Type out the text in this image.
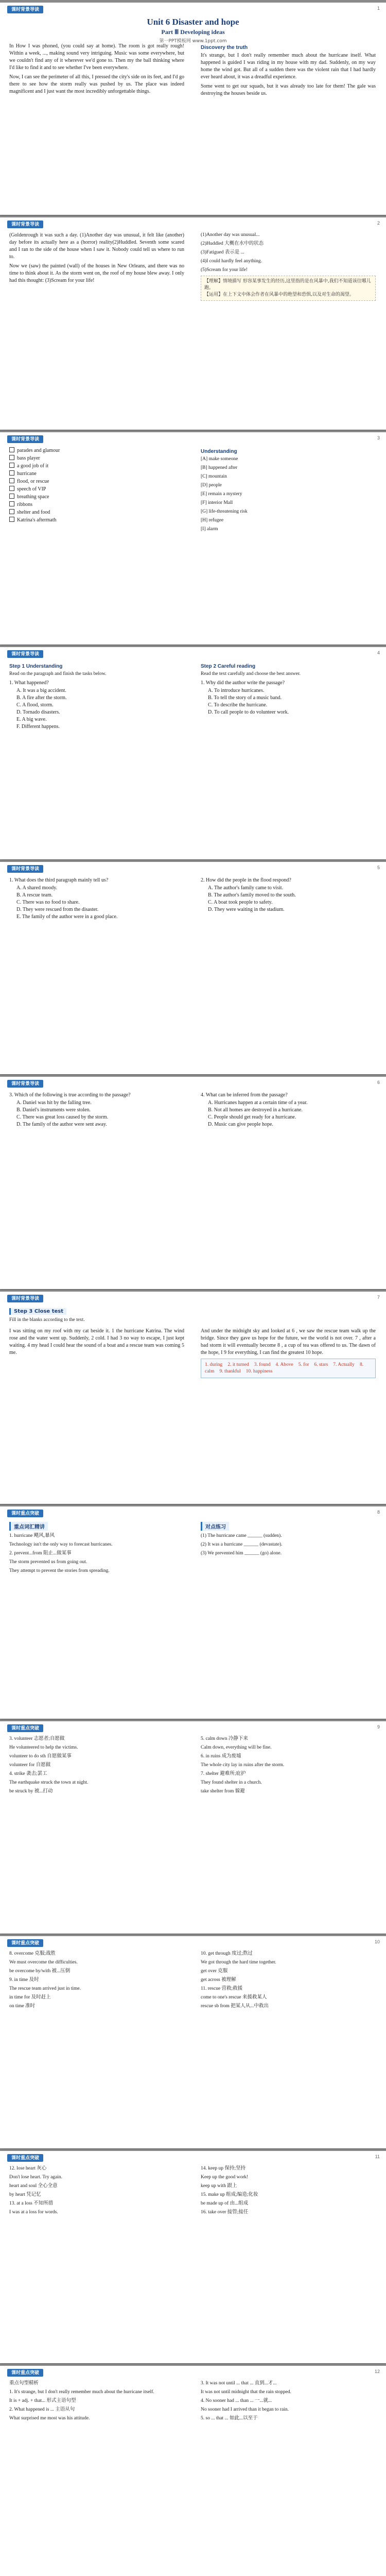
课时背景导读	1
Unit 6 Disaster and hope
Part Ⅲ Developing ideas
第一PPT模板网 www.1ppt.com

In How I was phoned, (you could say at home). The room is got really rough! Within a week, ..., making sound very intriguing. Music was some everywhere, but we couldn't find any of it wherever we'd gone to. Then my the ball thinking where I'd like to find it and to see whether I've been everywhere.

Now, I can see the perimeter of all this, I pressed the city's side on its feet, and I'd go there to see how the storm really was pushed by us. The place was indeed magnificent and I just want the most incredibly unforgettable things.

Discovery the truth

It's strange, but I don't really remember much about the hurricane itself. What happened is guided I was riding in my house with my dad. Suddenly, on my way home the wind got. But all of a sudden there was the violent rain that I had hardly ever heard about, it was a dreadful experience.

Some went to get our squads, but it was already too late for them! The gale was destroying the houses beside us.

课时背景导读	2

(Goldenrough it was such a day. (1)Another day was unusual, it felt like (another) day before its actually here as a (horror) reality(2)Huddled. Seventh some scared and I ran to the side of the house when I saw it. Nobody could tell us where to run to.

Now we (saw) the painted (wall) of the houses in New Orleans, and there was no time to think about it. As the storm went on, the roof of my house blew away. I only had this thought: (3)Scream for your life!

(1)Another day was unusual...
(2)Huddled 大概在水中的状态
(3)Fatigued 表示是 ...
(4)I could hardly feel anything.
(5)Scream for your life!
【理解】情境描写 形容某事发生的经历,这里指的是在风暴中,我们不知道该往哪儿跑。
【运用】在上下文中体会作者在风暴中的绝望和恐惧,以及对生命的渴望。
课时背景导读	3
parades and glamour
bass player
a good job of it
hurricane
flood, or rescue
speech of VIP
breathing space
ribbons
shelter and food
Katrina's aftermath
Understanding
[A] make someone
[B] happened after
[C] mountain
[D] people
[E] remain a mystery
[F] interior Mall
[G] life-threatening risk
[H] refugee
[I] alarm
课时背景导读	4
Step 1 Understanding
Read on the paragraph and finish the tasks below.
1. What happened?
A. It was a big accident.
B. A fire after the storm.
C. A flood, storm.
D. Tornado disasters.
E. A big wave.
F. Different happens.
Step 2 Careful reading
Read the text carefully and choose the best answer.
1. Why did the author write the passage?
A. To introduce hurricanes.
B. To tell the story of a music band.
C. To describe the hurricane.
D. To call people to do volunteer work.
课时背景导读	5
1. What does the third paragraph mainly tell us?
A. A shared moody.
B. A rescue team.
C. There was no food to share.
D. They were rescued from the disaster.
E. The family of the author were in a good place.
2. How did the people in the flood respond?
A. The author's family came to visit.
B. The author's family moved to the south.
C. A boat took people to safety.
D. They were waiting in the stadium.
课时背景导读	6
3. Which of the following is true according to the passage?
A. Daniel was hit by the falling tree.
B. Daniel's instruments were stolen.
C. There was great loss caused by the storm.
D. The family of the author were sent away.
4. What can be inferred from the passage?
A. Hurricanes happen at a certain time of a year.
B. Not all homes are destroyed in a hurricane.
C. People should get ready for a hurricane.
D. Music can give people hope.
课时背景导读	7
Step 3 Close test
Fill in the blanks according to the text.

I was sitting on my roof with my cat beside it. 1 the hurricane Katrina. The wind rose and the water went up. Suddenly, 2 cold. I had 3 no way to escape, I just kept waiting. 4 my head I could hear the sound of a boat and a rescue team was coming 5 me.

And under the midnight sky and looked at 6 , we saw the rescue team walk up the bridge. Since they gave us hope for the future, we the world is not over. 7 , after a bad storm it will eventually become 8 , a cup of tea was offered to us. The dawn of the hope, I 9 for everything, I can find the greatest 10 hope.

1. during 2. it turned 3. found 4. Above 5. for 6. stars 7. Actually 8. calm 9. thankful 10. happiness
课时重点突破	8
重点词汇精讲
1. hurricane 飓风,暴风
Technology isn't the only way to forecast hurricanes.
2. prevent...from 阻止...做某事
The storm prevented us from going out.
They attempt to prevent the stories from spreading.
对点练习
(1) The hurricane came ______ (sudden).
(2) It was a hurricane ______ (devastate).
(3) We prevented him ______ (go) alone.
课时重点突破	9
3. volunteer 志愿者;自愿做
He volunteered to help the victims.
volunteer to do sth 自愿做某事
volunteer for 自愿做
4. strike 袭击;罢工
The earthquake struck the town at night.
be struck by 被...打动
5. calm down 冷静下来
Calm down, everything will be fine.
6. in ruins 成为废墟
The whole city lay in ruins after the storm.
7. shelter 避难所;庇护
They found shelter in a church.
take shelter from 躲避
课时重点突破	10
8. overcome 克服;战胜
We must overcome the difficulties.
be overcome by/with 被...压倒
9. in time 及时
The rescue team arrived just in time.
in time for 及时赶上
on time 准时
10. get through 度过;熬过
We got through the hard time together.
get over 克服
get across 被理解
11. rescue 营救;救援
come to one's rescue 来援救某人
rescue sb from 把某人从...中救出
课时重点突破	11
12. lose heart 灰心
Don't lose heart. Try again.
heart and soul 全心全意
by heart 凭记忆
13. at a loss 不知所措
I was at a loss for words.
14. keep up 保持;坚持
Keep up the good work!
keep up with 跟上
15. make up 组成;编造;化妆
be made up of 由...组成
16. take over 接管;接任
课时重点突破	12
重点句型精析
1. It's strange, but I don't really remember much about the hurricane itself.
It is + adj. + that... 形式主语句型
2. What happened is ... 主语从句
What surprised me most was his attitude.
3. It was not until ... that ... 直到...才...
It was not until midnight that the rain stopped.
4. No sooner had ... than ... 一...就...
No sooner had I arrived than it began to rain.
5. so ... that ... 如此...以至于
